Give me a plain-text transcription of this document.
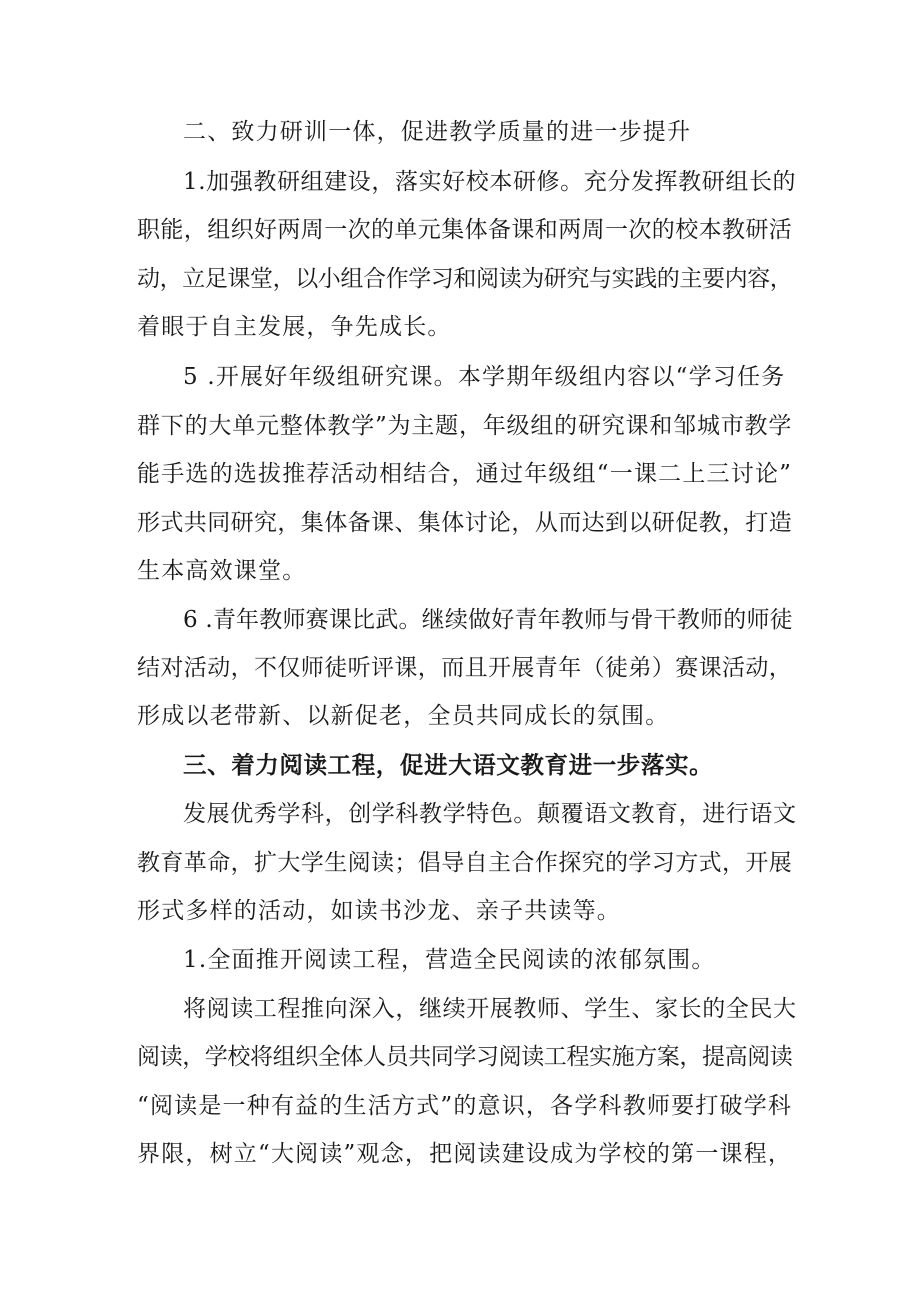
二、致力研训一体，促进教学质量的进一步提升
1.加强教研组建设，落实好校本研修。充分发挥教研组长的
职能，组织好两周一次的单元集体备课和两周一次的校本教研活
动，立足课堂，以小组合作学习和阅读为研究与实践的主要内容，
着眼于自主发展，争先成长。
5 .开展好年级组研究课。本学期年级组内容以“学习任务
群下的大单元整体教学”为主题，年级组的研究课和邹城市教学
能手选的选拔推荐活动相结合，通过年级组“一课二上三讨论”
形式共同研究，集体备课、集体讨论，从而达到以研促教，打造
生本高效课堂。
6 .青年教师赛课比武。继续做好青年教师与骨干教师的师徒
结对活动，不仅师徒听评课，而且开展青年（徒弟）赛课活动，
形成以老带新、以新促老，全员共同成长的氛围。
三、着力阅读工程，促进大语文教育进一步落实。
发展优秀学科，创学科教学特色。颠覆语文教育，进行语文
教育革命，扩大学生阅读；倡导自主合作探究的学习方式，开展
形式多样的活动，如读书沙龙、亲子共读等。
1.全面推开阅读工程，营造全民阅读的浓郁氛围。
将阅读工程推向深入，继续开展教师、学生、家长的全民大
阅读，学校将组织全体人员共同学习阅读工程实施方案，提高阅读
“阅读是一种有益的生活方式”的意识，各学科教师要打破学科
界限，树立“大阅读”观念，把阅读建设成为学校的第一课程，
